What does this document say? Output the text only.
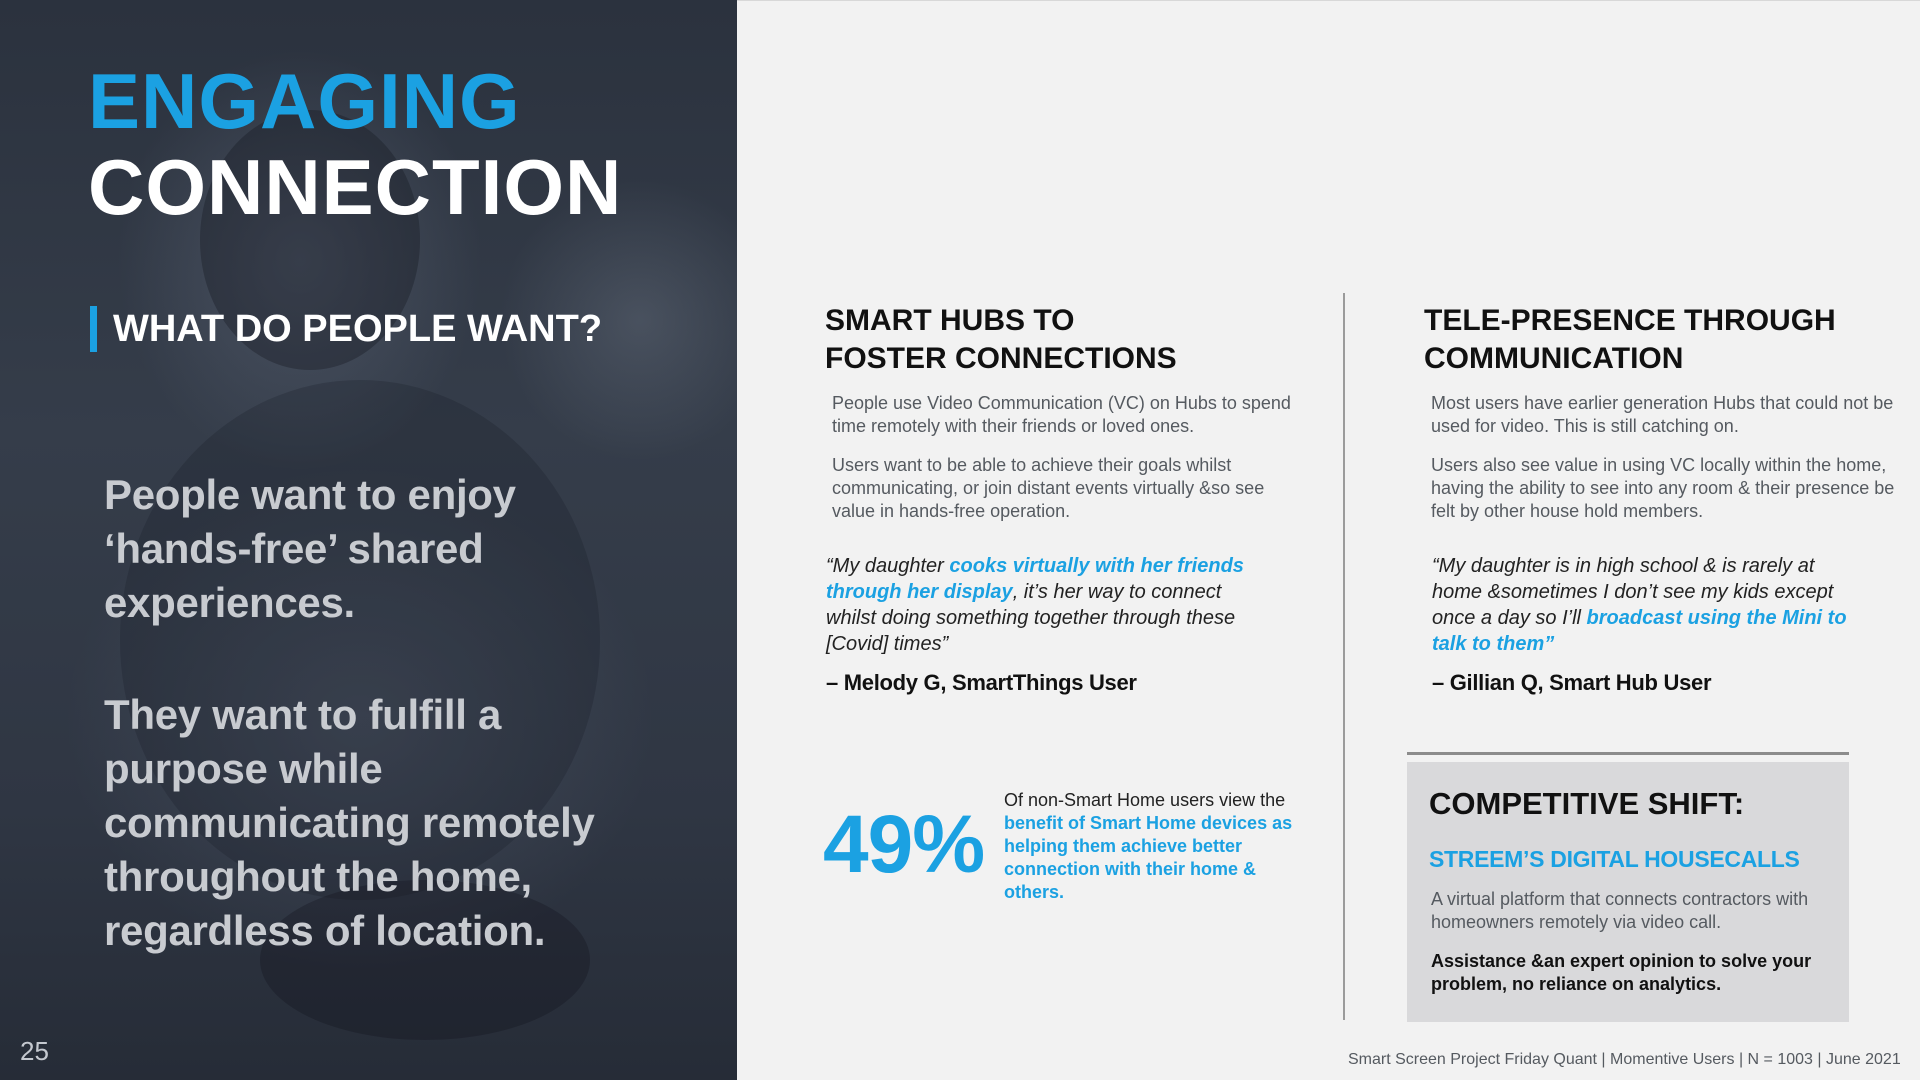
ENGAGING
CONNECTION
WHAT DO PEOPLE WANT?

People want to enjoy ‘hands-free’ shared experiences.

They want to fulfill a purpose while communicating remotely throughout the home, regardless of location.

25
SMART HUBS TO
FOSTER CONNECTIONS

People use Video Communication (VC) on Hubs to spend time remotely with their friends or loved ones.

Users want to be able to achieve their goals whilst communicating, or join distant events virtually &so see value in hands-free operation.

“My daughter cooks virtually with her friends through her display, it’s her way to connect whilst doing something together through these [Covid] times”

– Melody G, SmartThings User

49% Of non-Smart Home users view the benefit of Smart Home devices as helping them achieve better connection with their home & others.

TELE-PRESENCE THROUGH
COMMUNICATION

Most users have earlier generation Hubs that could not be used for video. This is still catching on.

Users also see value in using VC locally within the home, having the ability to see into any room & their presence be felt by other house hold members.

“My daughter is in high school & is rarely at home &sometimes I don’t see my kids except once a day so I’ll broadcast using the Mini to talk to them”

– Gillian Q, Smart Hub User

COMPETITIVE SHIFT:

STREEM’S DIGITAL HOUSECALLS

A virtual platform that connects contractors with homeowners remotely via video call.

Assistance &an expert opinion to solve your problem, no reliance on analytics.

Smart Screen Project Friday Quant | Momentive Users | N = 1003 | June 2021
